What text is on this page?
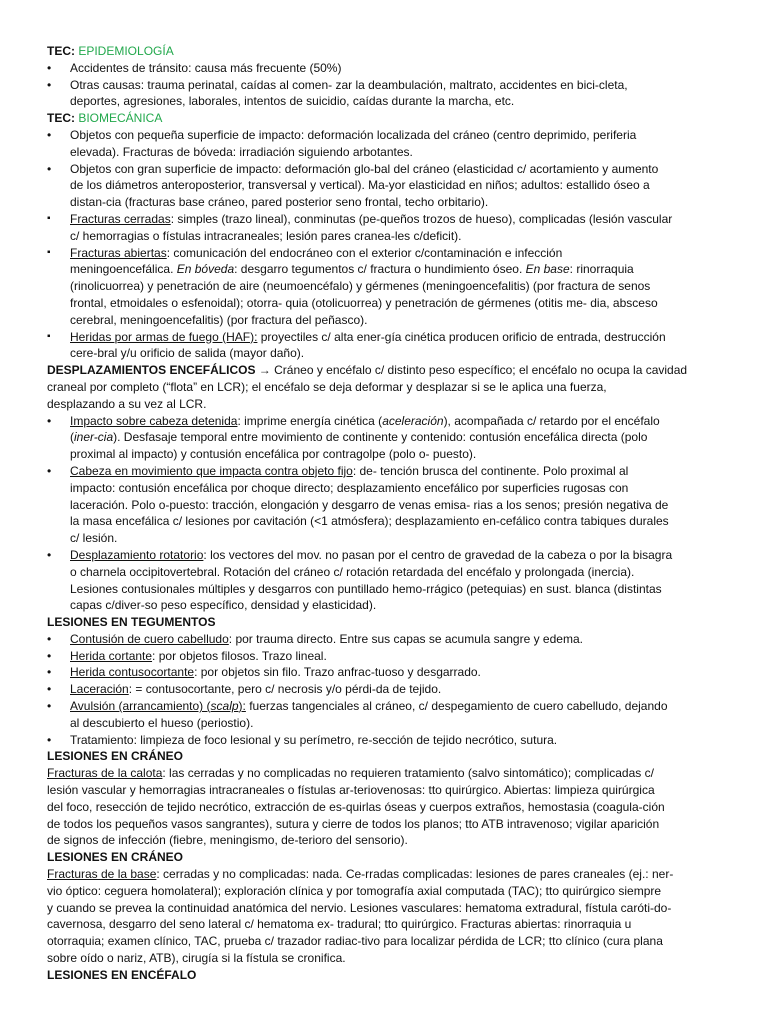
TEC: EPIDEMIOLOGÍA
•	Accidentes de tránsito: causa más frecuente (50%)
•	Otras causas: trauma perinatal, caídas al comen- zar la deambulación, maltrato, accidentes en bici-cleta,
deportes, agresiones, laborales, intentos de suicidio, caídas durante la marcha, etc.
TEC: BIOMECÁNICA
•	Objetos con pequeña superficie de impacto: deformación localizada del cráneo (centro deprimido, periferia
elevada). Fracturas de bóveda: irradiación siguiendo arbotantes.
•	Objetos con gran superficie de impacto: deformación glo-bal del cráneo (elasticidad c/ acortamiento y aumento
de los diámetros anteroposterior, transversal y vertical). Ma-yor elasticidad en niños; adultos: estallido óseo a
distan-cia (fracturas base cráneo, pared posterior seno frontal, techo orbitario).
▪	Fracturas cerradas: simples (trazo lineal), conminutas (pe-queños trozos de hueso), complicadas (lesión vascular
c/ hemorragias o fístulas intracraneales; lesión pares cranea-les c/deficit).
▪	Fracturas abiertas: comunicación del endocráneo con el exterior c/contaminación e infección
meningoencefálica. En bóveda: desgarro tegumentos c/ fractura o hundimiento óseo. En base: rinorraquia
(rinolicuorrea) y penetración de aire (neumoencéfalo) y gérmenes (meningoencefalitis) (por fractura de senos
frontal, etmoidales o esfenoidal); otorra- quia (otolicuorrea) y penetración de gérmenes (otitis me- dia, absceso
cerebral, meningoencefalitis) (por fractura del peñasco).
▪	Heridas por armas de fuego (HAF): proyectiles c/ alta ener-gía cinética producen orificio de entrada, destrucción
cere-bral y/u orificio de salida (mayor daño).
DESPLAZAMIENTOS ENCEFÁLICOS → Cráneo y encéfalo c/ distinto peso específico; el encéfalo no ocupa la cavidad
craneal por completo (“flota” en LCR); el encéfalo se deja deformar y desplazar si se le aplica una fuerza,
desplazando a su vez al LCR.
•	Impacto sobre cabeza detenida: imprime energía cinética (aceleración), acompañada c/ retardo por el encéfalo
(iner-cia). Desfasaje temporal entre movimiento de continente y contenido: contusión encefálica directa (polo
proximal al impacto) y contusión encefálica por contragolpe (polo o- puesto).
•	Cabeza en movimiento que impacta contra objeto fijo: de- tención brusca del continente. Polo proximal al
impacto: contusión encefálica por choque directo; desplazamiento encefálico por superficies rugosas con
laceración. Polo o-puesto: tracción, elongación y desgarro de venas emisa- rias a los senos; presión negativa de
la masa encefálica c/ lesiones por cavitación (<1 atmósfera); desplazamiento en-cefálico contra tabiques durales
c/ lesión.
•	Desplazamiento rotatorio: los vectores del mov. no pasan por el centro de gravedad de la cabeza o por la bisagra
o charnela occipitovertebral. Rotación del cráneo c/ rotación retardada del encéfalo y prolongada (inercia).
Lesiones contusionales múltiples y desgarros con puntillado hemo-rrágico (petequias) en sust. blanca (distintas
capas c/diver-so peso específico, densidad y elasticidad).
LESIONES EN TEGUMENTOS
•	Contusión de cuero cabelludo: por trauma directo. Entre sus capas se acumula sangre y edema.
•	Herida cortante: por objetos filosos. Trazo lineal.
•	Herida contusocortante: por objetos sin filo. Trazo anfrac-tuoso y desgarrado.
•	Laceración: = contusocortante, pero c/ necrosis y/o pérdi-da de tejido.
•	Avulsión (arrancamiento) (scalp): fuerzas tangenciales al cráneo, c/ despegamiento de cuero cabelludo, dejando
al descubierto el hueso (periostio).
•	Tratamiento: limpieza de foco lesional y su perímetro, re-sección de tejido necrótico, sutura.
LESIONES EN CRÁNEO
Fracturas de la calota: las cerradas y no complicadas no requieren tratamiento (salvo sintomático); complicadas c/
lesión vascular y hemorragias intracraneales o fístulas ar-teriovenosas: tto quirúrgico. Abiertas: limpieza quirúrgica
del foco, resección de tejido necrótico, extracción de es-quirlas óseas y cuerpos extraños, hemostasia (coagula-ción
de todos los pequeños vasos sangrantes), sutura y cierre de todos los planos; tto ATB intravenoso; vigilar aparición
de signos de infección (fiebre, meningismo, de-terioro del sensorio).
LESIONES EN CRÁNEO
Fracturas de la base: cerradas y no complicadas: nada. Ce-rradas complicadas: lesiones de pares craneales (ej.: ner-
vio óptico: ceguera homolateral); exploración clínica y por tomografía axial computada (TAC); tto quirúrgico siempre
y cuando se prevea la continuidad anatómica del nervio. Lesiones vasculares: hematoma extradural, fístula caróti-do-
cavernosa, desgarro del seno lateral c/ hematoma ex- tradural; tto quirúrgico. Fracturas abiertas: rinorraquia u
otorraquia; examen clínico, TAC, prueba c/ trazador radiac-tivo para localizar pérdida de LCR; tto clínico (cura plana
sobre oído o nariz, ATB), cirugía si la fístula se cronifica.
LESIONES EN ENCÉFALO
